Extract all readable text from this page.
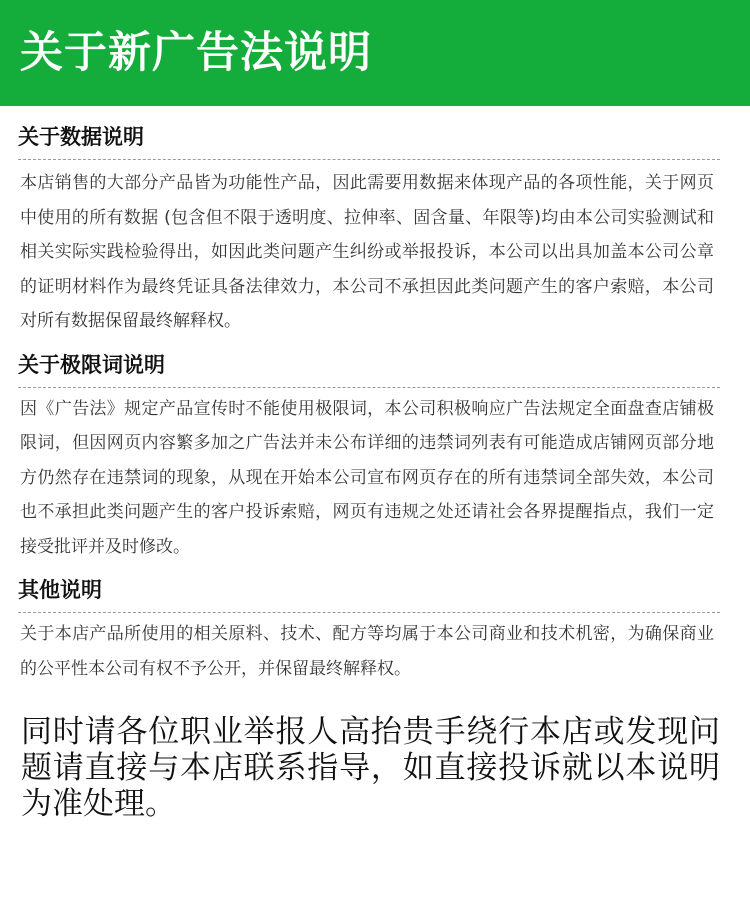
关于新广告法说明
关于数据说明
本店销售的大部分产品皆为功能性产品，因此需要用数据来体现产品的各项性能，关于网页中使用的所有数据 (包含但不限于透明度、拉伸率、固含量、年限等)均由本公司实验测试和相关实际实践检验得出，如因此类问题产生纠纷或举报投诉，本公司以出具加盖本公司公章的证明材料作为最终凭证具备法律效力，本公司不承担因此类问题产生的客户索赔，本公司对所有数据保留最终解释权。
关于极限词说明
因《广告法》规定产品宣传时不能使用极限词，本公司积极响应广告法规定全面盘查店铺极限词，但因网页内容繁多加之广告法并未公布详细的违禁词列表有可能造成店铺网页部分地方仍然存在违禁词的现象，从现在开始本公司宣布网页存在的所有违禁词全部失效，本公司也不承担此类问题产生的客户投诉索赔，网页有违规之处还请社会各界提醒指点，我们一定接受批评并及时修改。
其他说明
关于本店产品所使用的相关原料、技术、配方等均属于本公司商业和技术机密，为确保商业的公平性本公司有权不予公开，并保留最终解释权。
同时请各位职业举报人高抬贵手绕行本店或发现问题请直接与本店联系指导，如直接投诉就以本说明为准处理。
